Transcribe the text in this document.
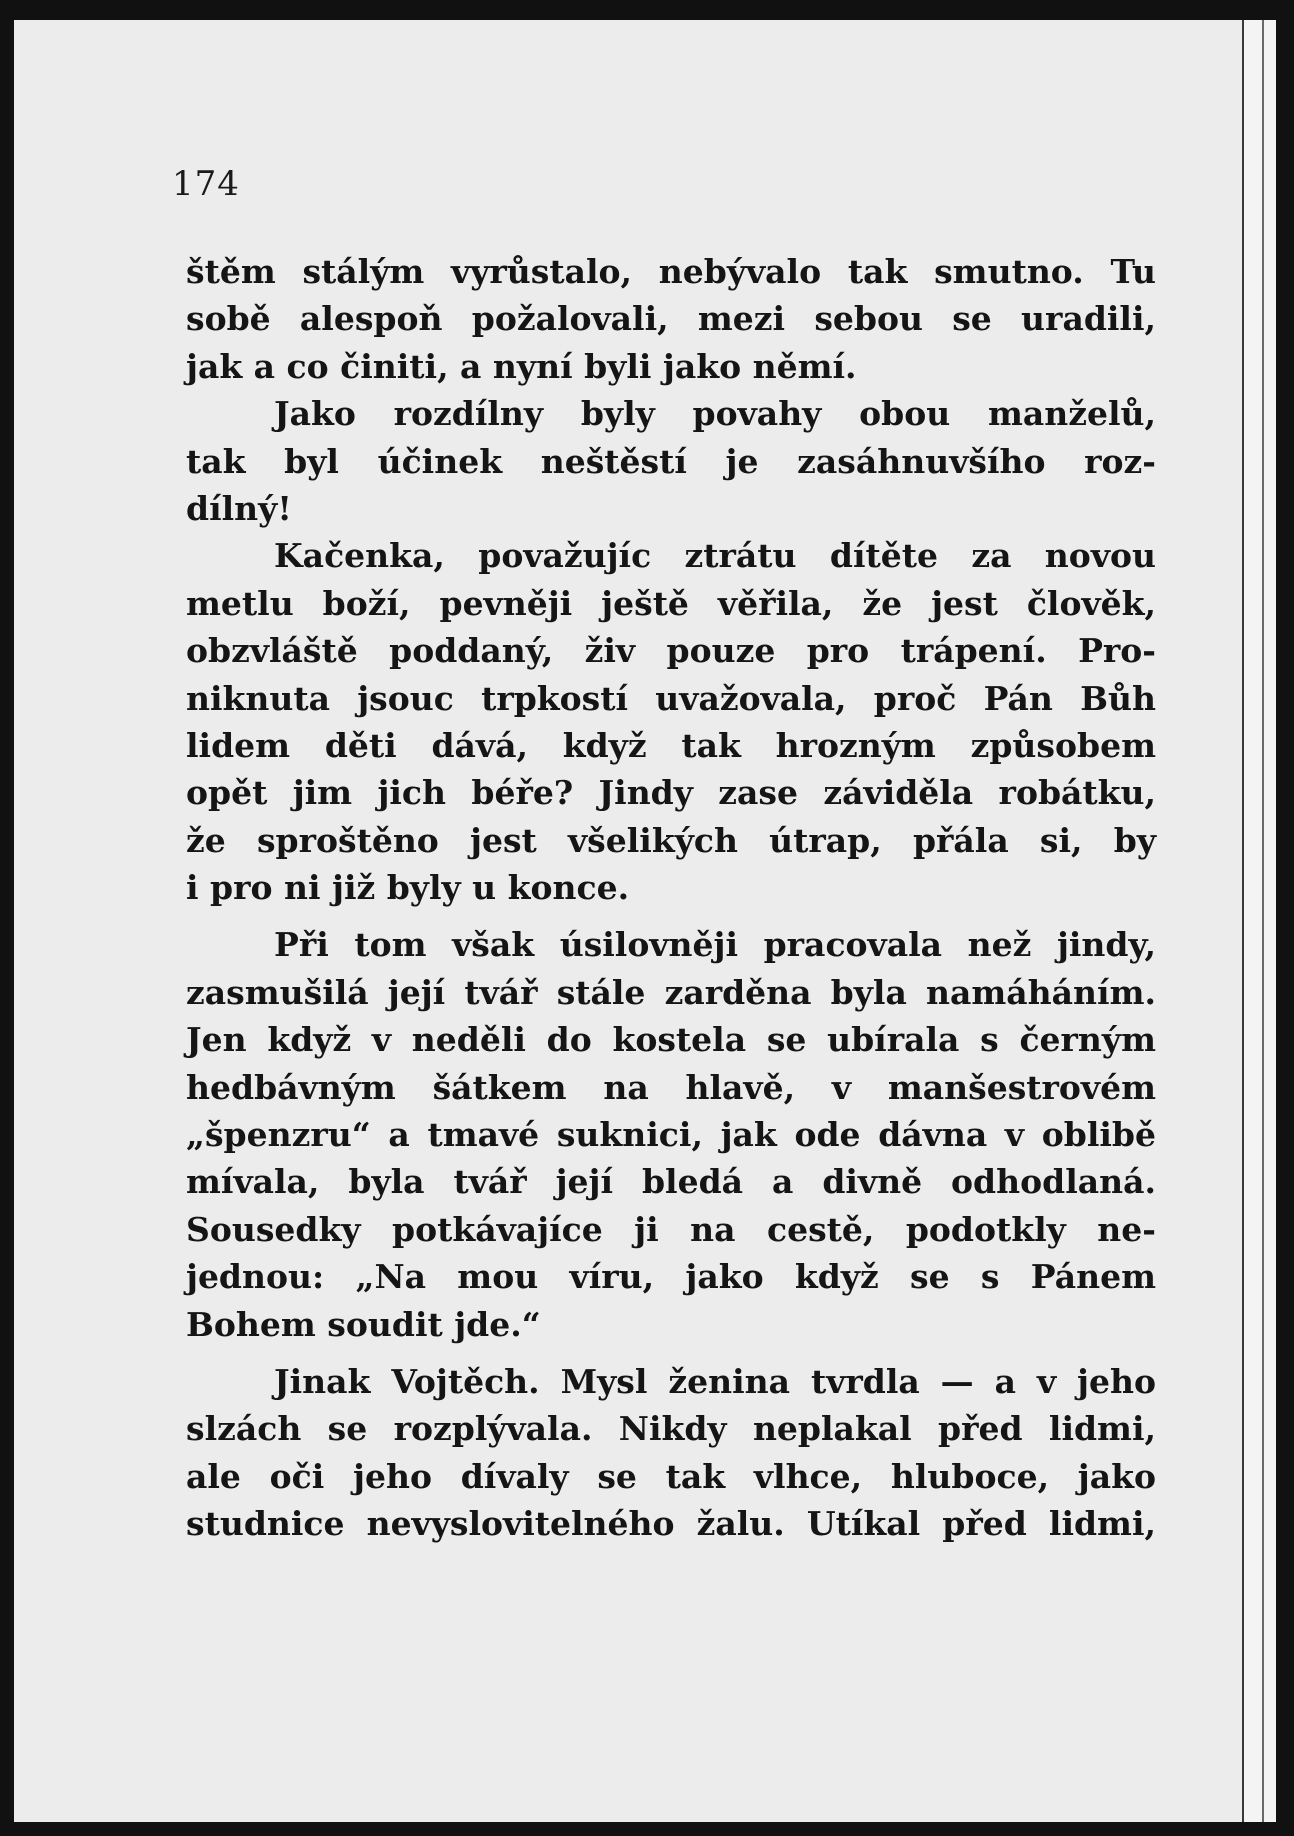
174
štěm stálým vyrůstalo, nebývalo tak smutno. Tu
sobě alespoň požalovali, mezi sebou se uradili,
jak a co činiti, a nyní byli jako němí.
Jako rozdílny byly povahy obou manželů,
tak byl účinek neštěstí je zasáhnuvšího roz-
dílný!
Kačenka, považujíc ztrátu dítěte za novou
metlu boží, pevněji ještě věřila, že jest člověk,
obzvláště poddaný, živ pouze pro trápení. Pro-
niknuta jsouc trpkostí uvažovala, proč Pán Bůh
lidem děti dává, když tak hrozným způsobem
opět jim jich béře? Jindy zase záviděla robátku,
že sproštěno jest všelikých útrap, přála si, by
i pro ni již byly u konce.
Při tom však úsilovněji pracovala než jindy,
zasmušilá její tvář stále zarděna byla namáháním.
Jen když v neděli do kostela se ubírala s černým
hedbávným šátkem na hlavě, v manšestrovém
„špenzru“ a tmavé suknici, jak ode dávna v oblibě
mívala, byla tvář její bledá a divně odhodlaná.
Sousedky potkávajíce ji na cestě, podotkly ne-
jednou: „Na mou víru, jako když se s Pánem
Bohem soudit jde.“
Jinak Vojtěch. Mysl ženina tvrdla — a v jeho
slzách se rozplývala. Nikdy neplakal před lidmi,
ale oči jeho dívaly se tak vlhce, hluboce, jako
studnice nevyslovitelného žalu. Utíkal před lidmi,
